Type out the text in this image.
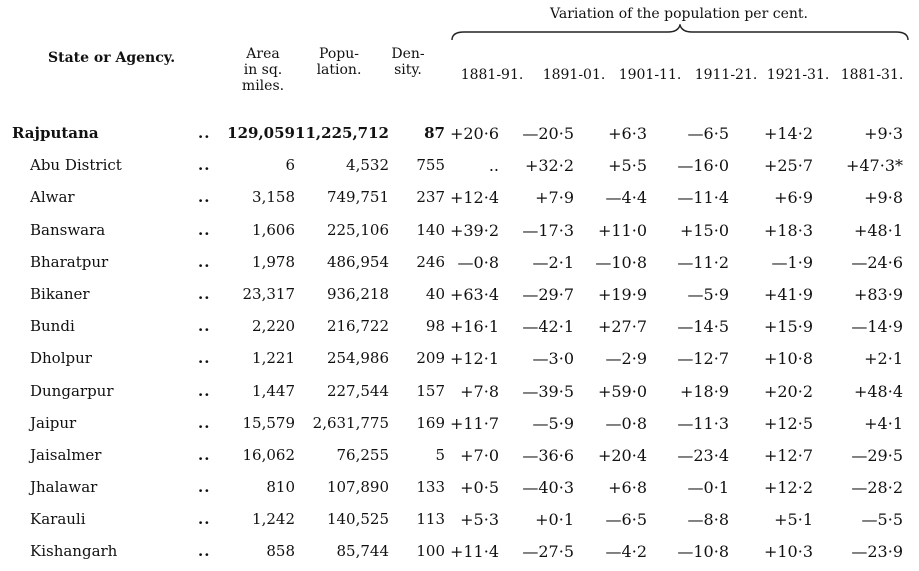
Variation of the population per cent.
State or Agency.	Area
in sq.
miles.
Popu-
lation.
Den-
sity.	1881-91.	1891-01. 1901-11. 1911-21. 1921-31. 1881-31.
Rajputana	.. 129,059 11,225,712 87 +20·6 —20·5 +6·3	—6·5 +14·2	+9·3
Abu District	..	6	4,532 755	.. +32·2 +5·5 —16·0 +25·7 +47·3*
Alwar	..	3,158 749,751 237 +12·4 +7·9 —4·4 —11·4	+6·9	+9·8
Banswara	..	1,606 225,106 140 +39·2 —17·3 +11·0 +15·0 +18·3	+48·1
Bharatpur	..	1,978 486,954 246 —0·8 —2·1 —10·8 —11·2	—1·9 —24·6
Bikaner	.. 23,317 936,218 40 +63·4 —29·7 +19·9	—5·9 +41·9	+83·9
Bundi	..	2,220 216,722 98 +16·1 —42·1 +27·7 —14·5 +15·9 —14·9
Dholpur	..	1,221 254,986 209 +12·1 —3·0 —2·9 —12·7 +10·8	+2·1
Dungarpur	..	1,447 227,544 157 +7·8 —39·5 +59·0 +18·9 +20·2	+48·4
Jaipur	.. 15,579 2,631,775 169 +11·7 —5·9 —0·8 —11·3 +12·5	+4·1
Jaisalmer	.. 16,062	76,255	5 +7·0 —36·6 +20·4 —23·4 +12·7 —29·5
Jhalawar	..	810 107,890 133 +0·5 —40·3 +6·8	—0·1 +12·2 —28·2
Karauli	..	1,242 140,525 113 +5·3 +0·1 —6·5	—8·8	+5·1	—5·5
Kishangarh	..	858	85,744 100 +11·4 —27·5 —4·2 —10·8 +10·3 —23·9
